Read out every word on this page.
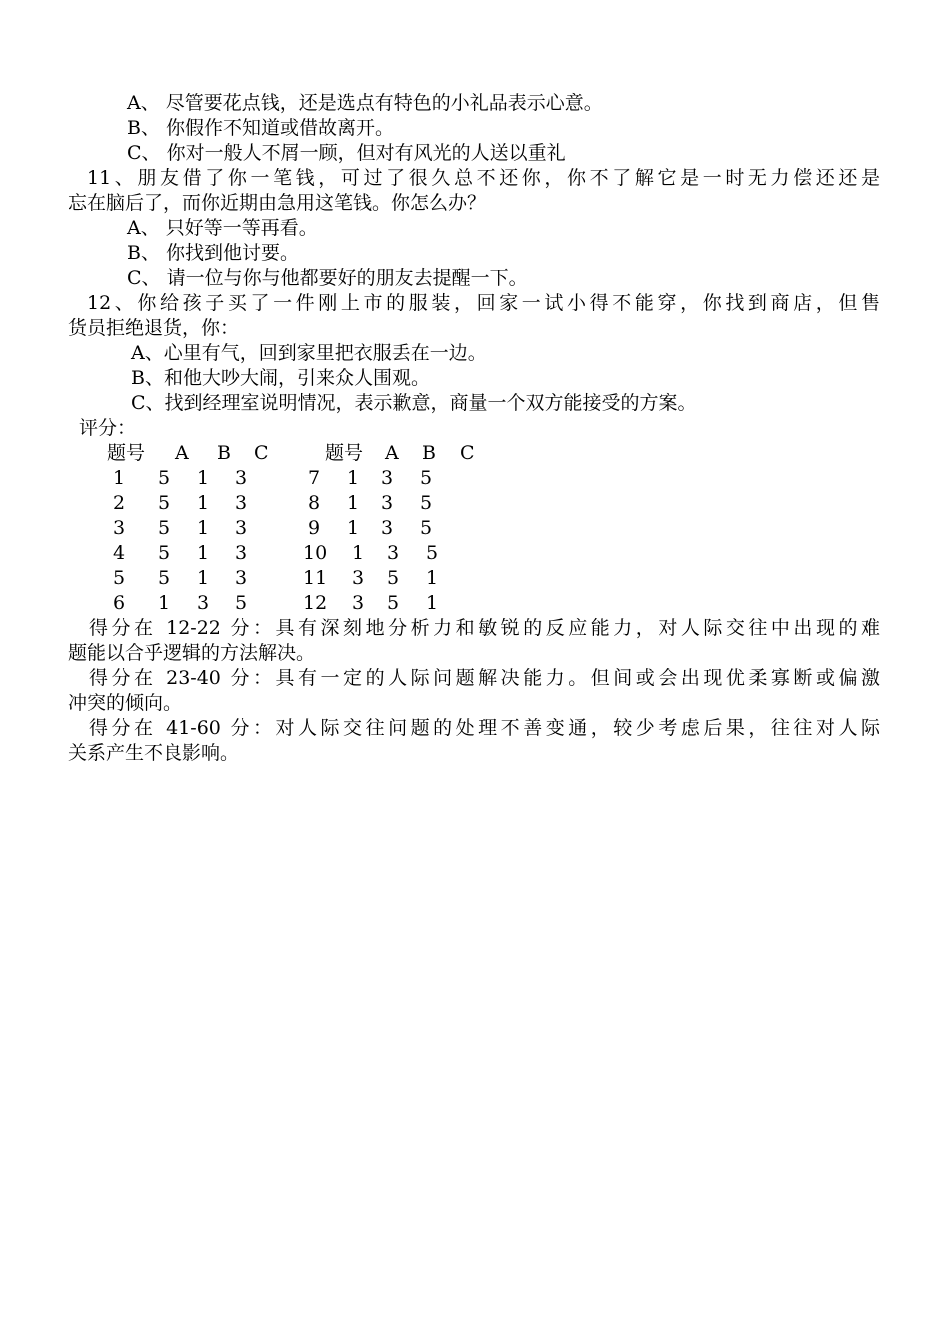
A、 尽管要花点钱，还是选点有特色的小礼品表示心意。
B、 你假作不知道或借故离开。
C、 你对一般人不屑一顾，但对有风光的人送以重礼
11、朋友借了你一笔钱，可过了很久总不还你，你不了解它是一时无力偿还还是
忘在脑后了，而你近期由急用这笔钱。你怎么办？
A、 只好等一等再看。
B、 你找到他讨要。
C、 请一位与你与他都要好的朋友去提醒一下。
12、你给孩子买了一件刚上市的服装，回家一试小得不能穿，你找到商店，但售
货员拒绝退货，你：
A、心里有气，回到家里把衣服丢在一边。
B、和他大吵大闹，引来众人围观。
C、找到经理室说明情况，表示歉意，商量一个双方能接受的方案。
评分：
题号 A B C	题号 A B C
1 5 1 3
2 5 1 3
3 5 1 3
4 5 1 3
5 5 1 3
6 1 3 5
7 1 3 5
8 1 3 5
9 1 3 5
10 1 3 5
11 3 5 1
12 3 5 1
得分在 12-22 分：具有深刻地分析力和敏锐的反应能力，对人际交往中出现的难
题能以合乎逻辑的方法解决。
得分在 23-40 分：具有一定的人际问题解决能力。但间或会出现优柔寡断或偏激
冲突的倾向。
得分在 41-60 分：对人际交往问题的处理不善变通，较少考虑后果，往往对人际
关系产生不良影响。
